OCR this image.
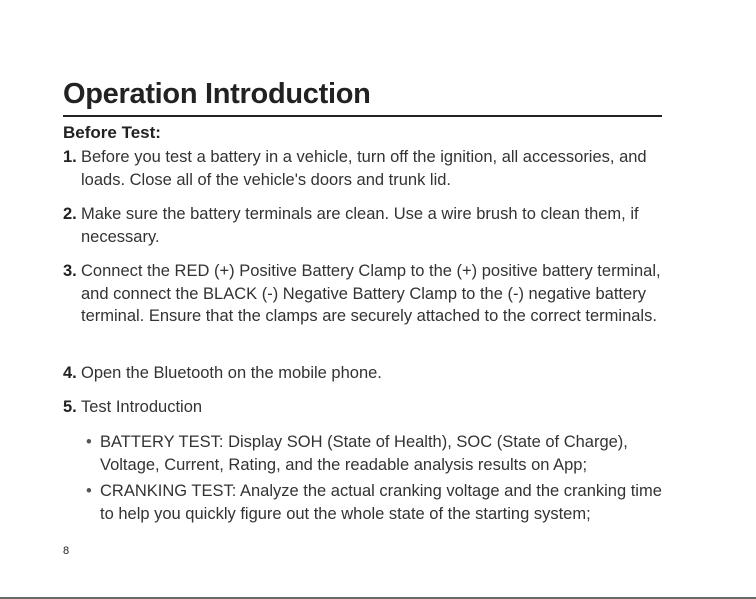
Operation Introduction
Before Test:
1. Before you test a battery in a vehicle, turn off the ignition, all accessories, and loads. Close all of the vehicle's doors and trunk lid.
2. Make sure the battery terminals are clean. Use a wire brush to clean them, if necessary.
3. Connect the RED (+) Positive Battery Clamp to the (+) positive battery terminal, and connect the BLACK (-) Negative Battery Clamp to the (-) negative battery terminal. Ensure that the clamps are securely attached to the correct terminals.
4. Open the Bluetooth on the mobile phone.
5. Test Introduction
• BATTERY TEST: Display SOH (State of Health), SOC (State of Charge), Voltage, Current, Rating, and the readable analysis results on App;
• CRANKING TEST: Analyze the actual cranking voltage and the cranking time to help you quickly figure out the whole state of the starting system;
8
